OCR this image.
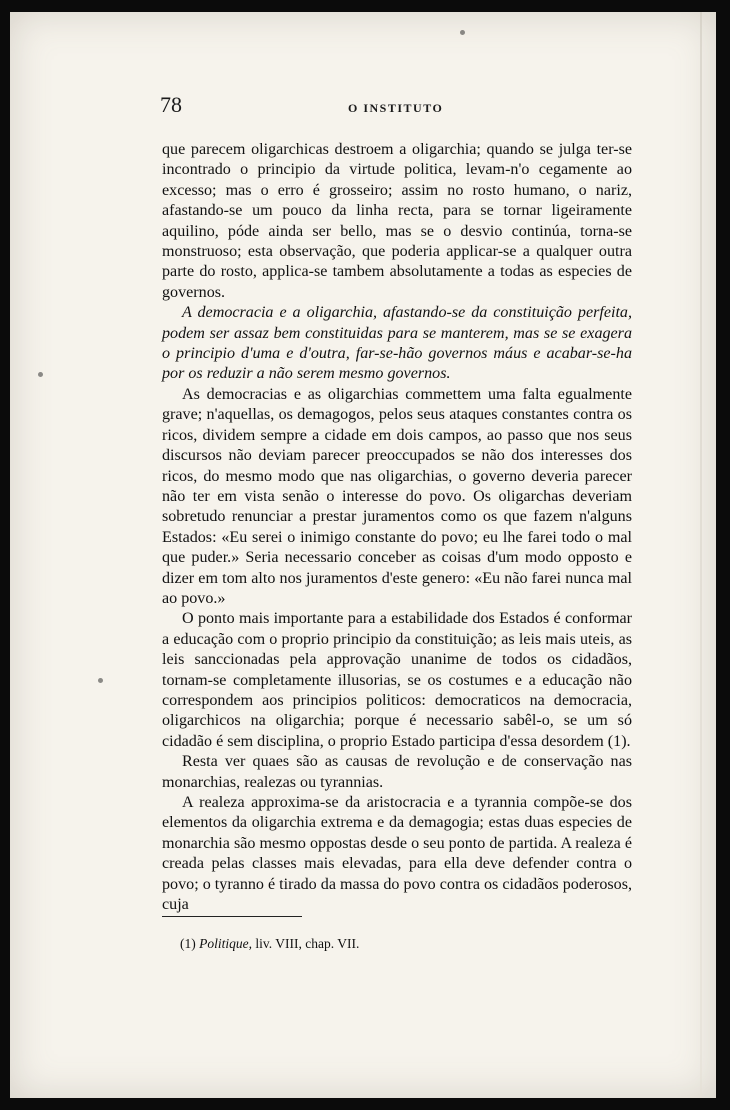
78	O INSTITUTO

que parecem oligarchicas destroem a oligarchia; quando se julga ter-se incontrado o principio da virtude politica, levam-n'o cegamente ao excesso; mas o erro é grosseiro; assim no rosto humano, o nariz, afastando-se um pouco da linha recta, para se tornar ligeiramente aquilino, póde ainda ser bello, mas se o desvio continúa, torna-se monstruoso; esta observação, que poderia applicar-se a qualquer outra parte do rosto, applica-se tambem absolutamente a todas as especies de governos.

A democracia e a oligarchia, afastando-se da constituição perfeita, podem ser assaz bem constituidas para se manterem, mas se se exagera o principio d'uma e d'outra, far-se-hão governos máus e acabar-se-ha por os reduzir a não serem mesmo governos.

As democracias e as oligarchias commettem uma falta egualmente grave; n'aquellas, os demagogos, pelos seus ataques constantes contra os ricos, dividem sempre a cidade em dois campos, ao passo que nos seus discursos não deviam parecer preoccupados se não dos interesses dos ricos, do mesmo modo que nas oligarchias, o governo deveria parecer não ter em vista senão o interesse do povo. Os oligarchas deveriam sobretudo renunciar a prestar juramentos como os que fazem n'alguns Estados: «Eu serei o inimigo constante do povo; eu lhe farei todo o mal que puder.» Seria necessario conceber as coisas d'um modo opposto e dizer em tom alto nos juramentos d'este genero: «Eu não farei nunca mal ao povo.»

O ponto mais importante para a estabilidade dos Estados é conformar a educação com o proprio principio da constituição; as leis mais uteis, as leis sanccionadas pela approvação unanime de todos os cidadãos, tornam-se completamente illusorias, se os costumes e a educação não correspondem aos principios politicos: democraticos na democracia, oligarchicos na oligarchia; porque é necessario sabêl-o, se um só cidadão é sem disciplina, o proprio Estado participa d'essa desordem (1).

Resta ver quaes são as causas de revolução e de conservação nas monarchias, realezas ou tyrannias.

A realeza approxima-se da aristocracia e a tyrannia compõe-se dos elementos da oligarchia extrema e da demagogia; estas duas especies de monarchia são mesmo oppostas desde o seu ponto de partida. A realeza é creada pelas classes mais elevadas, para ella deve defender contra o povo; o tyranno é tirado da massa do povo contra os cidadãos poderosos, cuja

(1) Politique, liv. VIII, chap. VII.
